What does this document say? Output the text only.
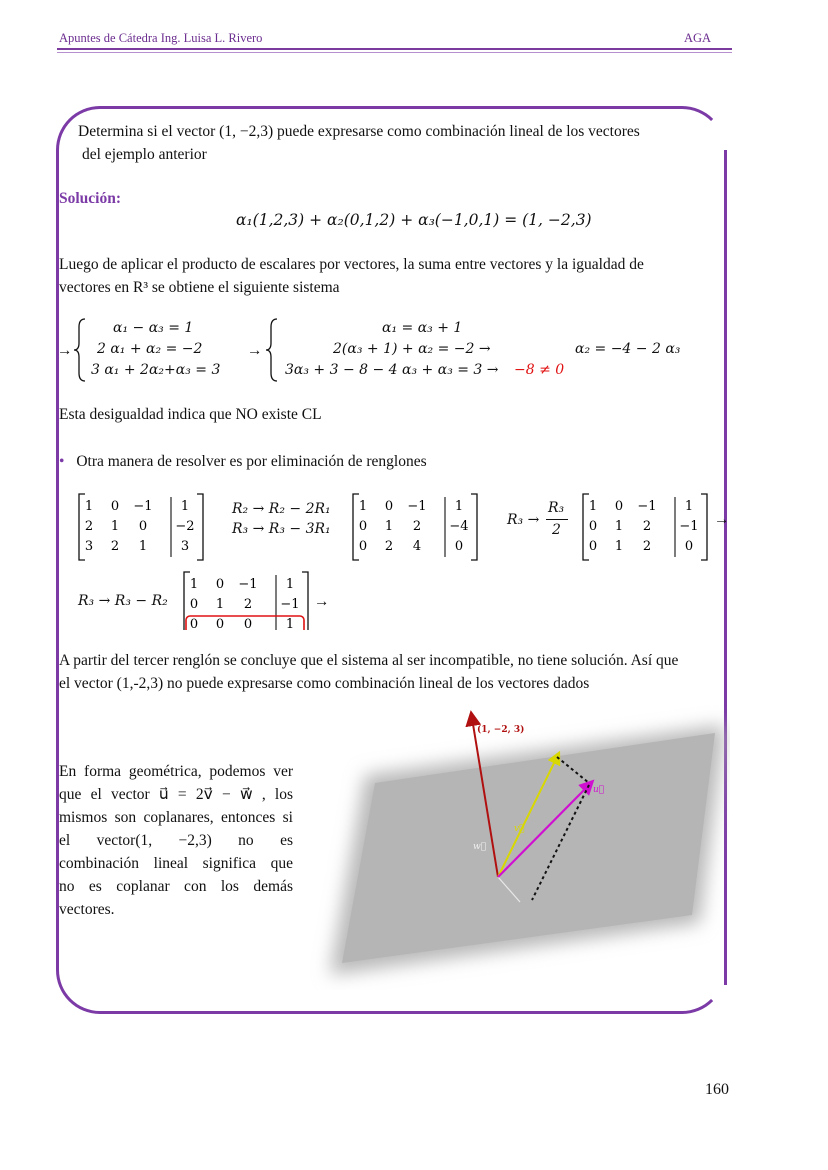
Apuntes de Cátedra Ing. Luisa L. Rivero	AGA
Determina si el vector (1, −2,3) puede expresarse como combinación lineal de los vectores
del ejemplo anterior
Solución:
α₁(1,2,3) + α₂(0,1,2) + α₃(−1,0,1) = (1, −2,3)
Luego de aplicar el producto de escalares por vectores, la suma entre vectores y la igualdad de
vectores en R³ se obtiene el siguiente sistema
→
α₁ − α₃ = 1
2 α₁ + α₂ = −2
3 α₁ + 2α₂+α₃ = 3
→
α₁ = α₃ + 1
2(α₃ + 1) + α₂ = −2 →	α₂ = −4 − 2 α₃
3α₃ + 3 − 8 − 4 α₃ + α₃ = 3 → −8 ≠ 0
Esta desigualdad indica que NO existe CL
• Otra manera de resolver es por eliminación de renglones
1 0 −1 1
2 1 0 −2
3 2 1	3
1 0 −1 1
0 1 2 −4
0 2 4	0
1 0 −1 1
0 1 2 −1
0 1 2	0
1 0 −1 1
0 1 2 −1
0 0 0	1
R₂ → R₂ − 2R₁
R₃ → R₃ − 3R₁
R₃ →
R₃
2
→
R₃ → R₃ − R₂	→
A partir del tercer renglón se concluye que el sistema al ser incompatible, no tiene solución. Así que
el vector (1,-2,3) no puede expresarse como combinación lineal de los vectores dados
En forma geométrica, podemos ver
que el vector u⃗ = 2v⃗ − w⃗ , los
mismos son coplanares, entonces si
el vector(1, −2,3) no es
combinación lineal significa que
no es coplanar con los demás
vectores.
(1, −2, 3)
u⃗
v⃗
w⃗
160
